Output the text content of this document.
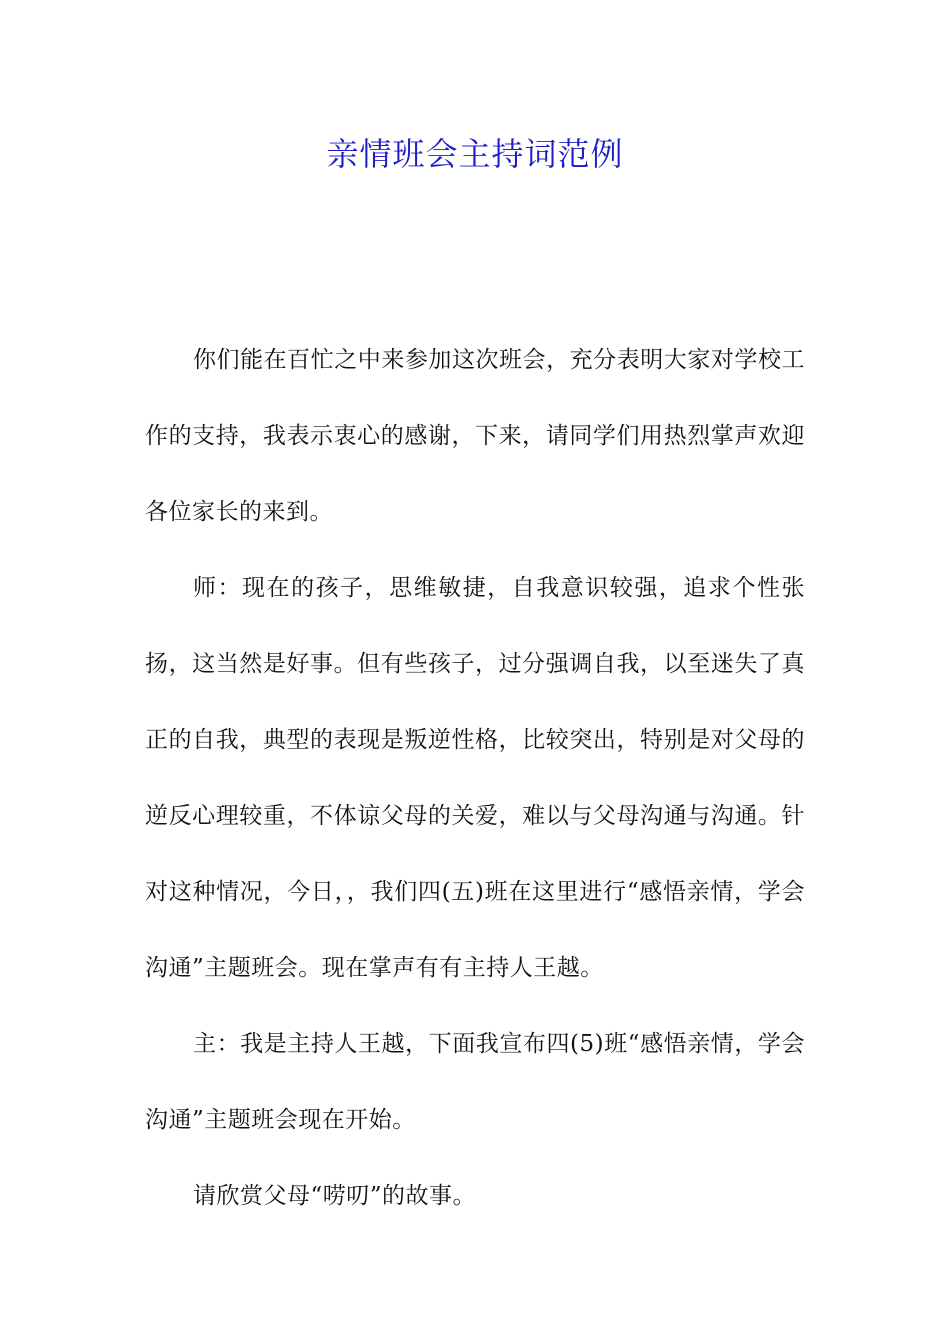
亲情班会主持词范例

你们能在百忙之中来参加这次班会，充分表明大家对学校工作的支持，我表示衷心的感谢，下来，请同学们用热烈掌声欢迎各位家长的来到。

师：现在的孩子，思维敏捷，自我意识较强，追求个性张扬，这当然是好事。但有些孩子，过分强调自我，以至迷失了真正的自我，典型的表现是叛逆性格，比较突出，特别是对父母的逆反心理较重，不体谅父母的关爱，难以与父母沟通与沟通。针对这种情况，今日，，我们四(五)班在这里进行“感悟亲情，学会沟通”主题班会。现在掌声有有主持人王越。

主：我是主持人王越，下面我宣布四(5)班“感悟亲情，学会沟通”主题班会现在开始。

请欣赏父母“唠叨”的故事。
